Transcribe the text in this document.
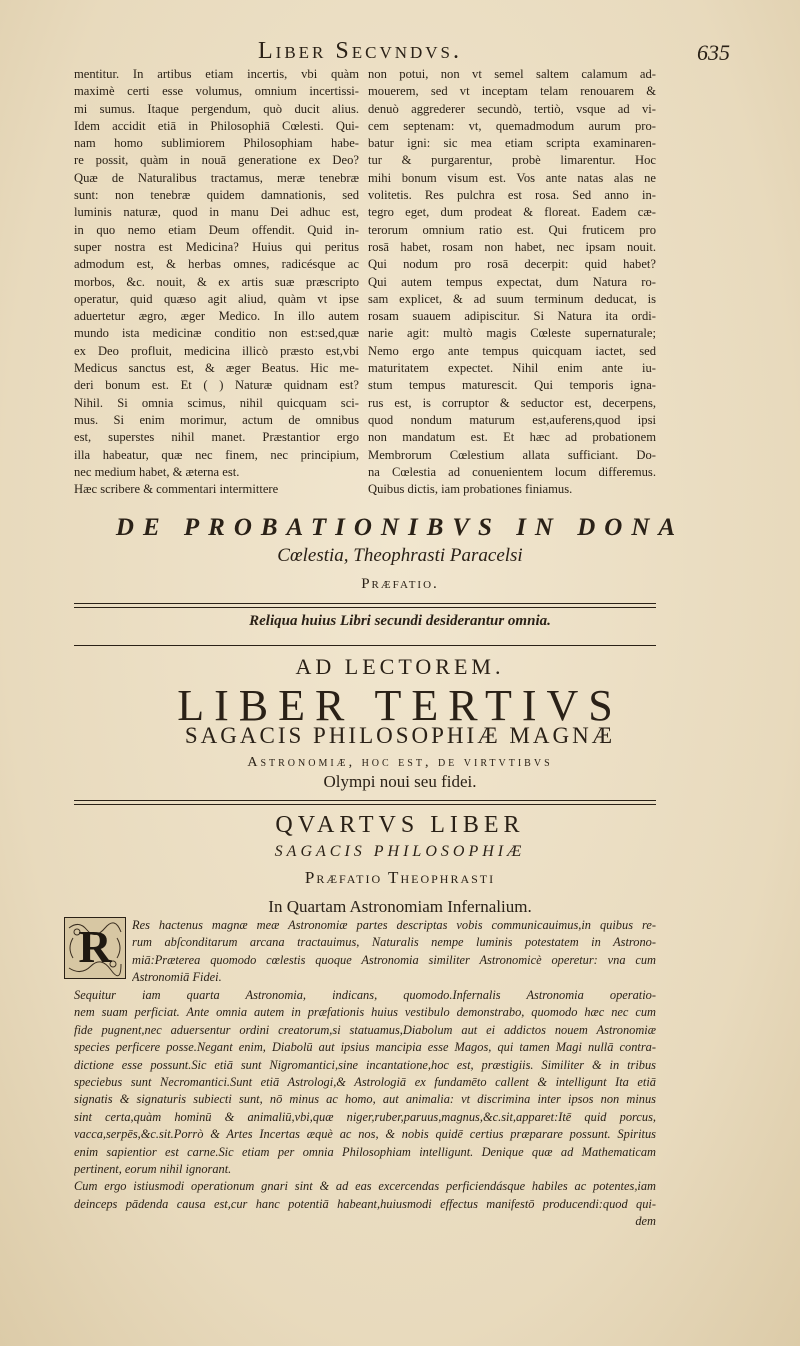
Liber Secvndvs.	635
mentitur. In artibus etiam incertis, vbi quàm
maximè certi esse volumus, omnium incertissi-
mi sumus. Itaque pergendum, quò ducit alius.
Idem accidit etiā in Philosophiā Cœlesti. Qui-
nam homo sublimiorem Philosophiam habe-
re possit, quàm in nouā generatione ex Deo?
Quæ de Naturalibus tractamus, meræ tenebræ
sunt: non tenebræ quidem damnationis, sed
luminis naturæ, quod in manu Dei adhuc est,
in quo nemo etiam Deum offendit. Quid in-
super nostra est Medicina? Huius qui peritus
admodum est, & herbas omnes, radicésque ac
morbos, &c. nouit, & ex artis suæ præscripto
operatur, quid quæso agit aliud, quàm vt ipse
aduertetur ægro, æger Medico. In illo autem
mundo ista medicinæ conditio non est:sed,quæ
ex Deo profluit, medicina illicò præsto est,vbi
Medicus sanctus est, & æger Beatus. Hic me-
deri bonum est. Et ( ) Naturæ quidnam est?
Nihil. Si omnia scimus, nihil quicquam sci-
mus. Si enim morimur, actum de omnibus
est, superstes nihil manet. Præstantior ergo
illa habeatur, quæ nec finem, nec principium,
nec medium habet, & æterna est.
Hæc scribere & commentari intermittere
non potui, non vt semel saltem calamum ad-
mouerem, sed vt inceptam telam renouarem &
denuò aggrederer secundò, tertiò, vsque ad vi-
cem septenam: vt, quemadmodum aurum pro-
batur igni: sic mea etiam scripta examinaren-
tur & purgarentur, probè limarentur. Hoc
mihi bonum visum est. Vos ante natas alas ne
volitetis. Res pulchra est rosa. Sed anno in-
tegro eget, dum prodeat & floreat. Eadem cæ-
terorum omnium ratio est. Qui fruticem pro
rosā habet, rosam non habet, nec ipsam nouit.
Qui nodum pro rosā decerpit: quid habet?
Qui autem tempus expectat, dum Natura ro-
sam explicet, & ad suum terminum deducat, is
rosam suauem adipiscitur. Si Natura ita ordi-
narie agit: multò magis Cœleste supernaturale;
Nemo ergo ante tempus quicquam iactet, sed
maturitatem expectet. Nihil enim ante iu-
stum tempus maturescit. Qui temporis igna-
rus est, is corruptor & seductor est, decerpens,
quod nondum maturum est,auferens,quod ipsi
non mandatum est. Et hæc ad probationem
Membrorum Cœlestium allata sufficiant. Do-
na Cœlestia ad conuenientem locum differemus.
Quibus dictis, iam probationes finiamus.
DE PROBATIONIBVS IN DONA
Cœlestia, Theophrasti Paracelsi
Præfatio.
Reliqua huius Libri secundi desiderantur omnia.
AD LECTOREM.
LIBER TERTIVS
SAGACIS PHILOSOPHIÆ MAGNÆ
Astronomiæ, hoc est, de virtvtibvs
Olympi noui seu fidei.
QVARTVS LIBER
SAGACIS PHILOSOPHIÆ
Præfatio Theophrasti
In Quartam Astronomiam Infernalium.
R	Res hactenus magnæ meæ Astronomiæ partes descriptas vobis communicauimus,in quibus re-
rum abſconditarum arcana tractauimus, Naturalis nempe luminis potestatem in Astrono-
miā:Præterea quomodo cœlestis quoque Astronomia similiter Astronomicè operetur: vna cum
Astronomiā Fidei.
Sequitur iam quarta Astronomia, indicans, quomodo.Infernalis Astronomia operatio-
nem suam perficiat. Ante omnia autem in præfationis huius vestibulo demonstrabo, quomodo hæc nec cum
fide pugnent,nec aduersentur ordini creatorum,si statuamus,Diabolum aut ei addictos nouem Astronomiæ
species perficere posse.Negant enim, Diabolū aut ipsius mancipia esse Magos, qui tamen Magi nullā contra-
dictione esse possunt.Sic etiā sunt Nigromantici,sine incantatione,hoc est, præstigiis. Similiter & in tribus
speciebus sunt Necromantici.Sunt etiā Astrologi,& Astrologiā ex fundamēto callent & intelligunt Ita etiā
signatis & signaturis subiecti sunt, nō minus ac homo, aut animalia: vt discrimina inter ipsos non minus
sint certa,quàm hominū & animaliū,vbi,quæ niger,ruber,paruus,magnus,&c.sit,apparet:Itē quid porcus,
vacca,serpēs,&c.sit.Porrò & Artes Incertas æquè ac nos, & nobis quidē certius præparare possunt. Spiritus
enim sapientior est carne.Sic etiam per omnia Philosophiam intelligunt. Denique quæ ad Mathematicam
pertinent, eorum nihil ignorant.
Cum ergo istiusmodi operationum gnari sint & ad eas excercendas perficiendásque habiles ac potentes,iam
deinceps pādenda causa est,cur hanc potentiā habeant,huiusmodi effectus manifestō producendi:quod qui-
dem
